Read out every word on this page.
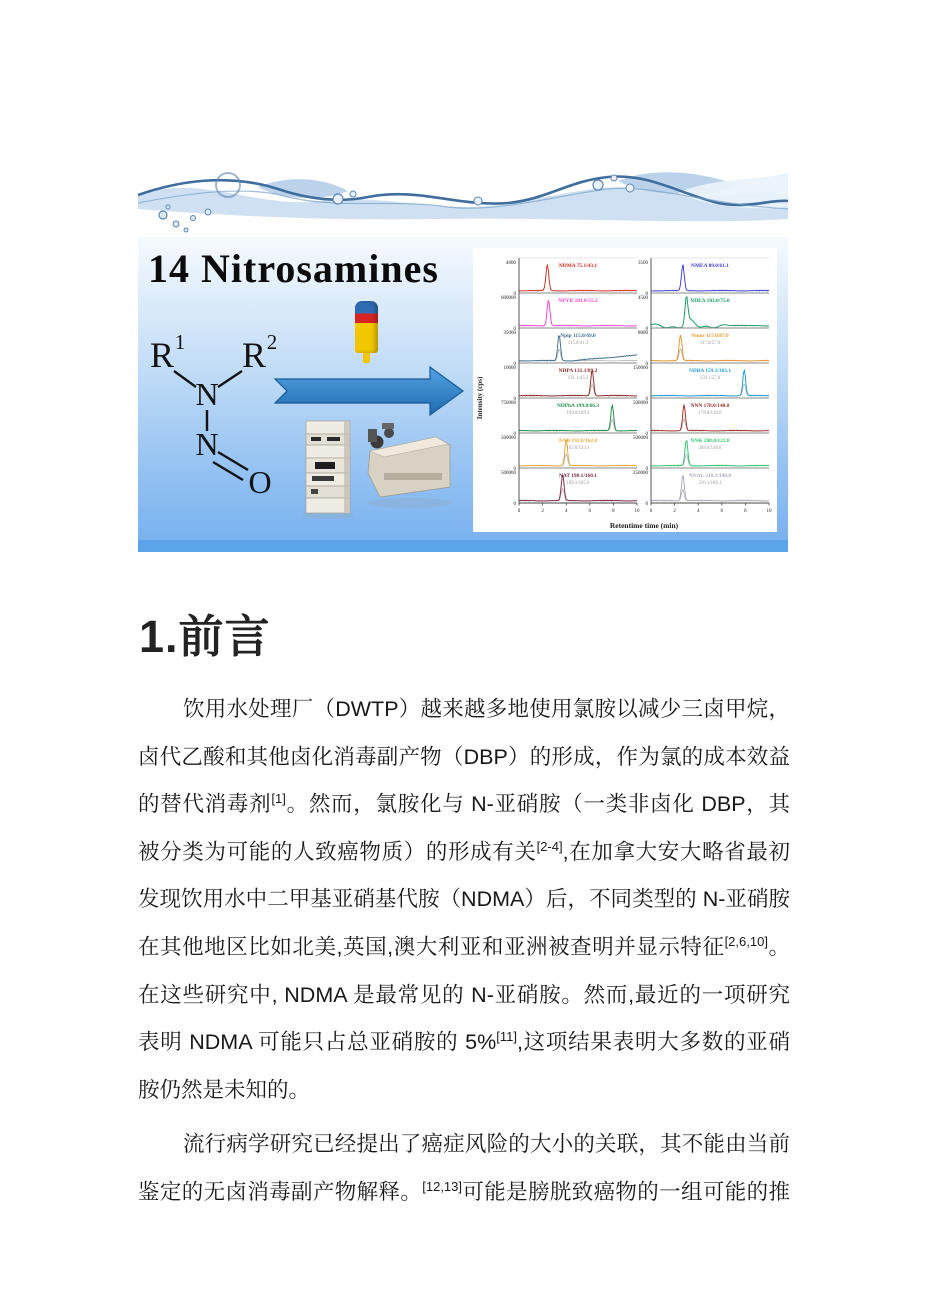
14 Nitrosamines
R 1 R 2
N
N
O
Intensity (cps)
Retentime time (min)
4000
0
NDMA 75.1/43.1
600000
0
NPYR 101.0/55.2
35000
0
Npip 115.0/69.0
115.0/41.3
10000
0
NDPA 131.1/89.2
131.1/43.2
750000
0
NDPhA 199.0/66.3
199.0/169.3
500000
0
NAB 192.0/162.0
192.0/133.1
500000
0
NAT 190.1/160.1
190.1/105.0
0	2	4	6	8	10
3500
0
NMEA 89.0/61.1
4500
0
NDEA 103.0/75.0
8000
0
Nmor 117.0/87.0
117.0/57.0
150000
0
NDBA 159.1/103.1
159.1/57.0
500000
0
NNN 178.0/148.0
178.0/120.0
500000
0
NNK 208.0/122.0
208.0/148.0
250000
0
NNAL 210.1/149.0
210.1/180.1
0	2	4	6	8	10
1.前言
饮用水处理厂（DWTP）越来越多地使用氯胺以减少三卤甲烷，
卤代乙酸和其他卤化消毒副产物（DBP）的形成，作为氯的成本效益
的替代消毒剂[1]。然而，氯胺化与 N-亚硝胺（一类非卤化 DBP，其
被分类为可能的人致癌物质）的形成有关[2-4],在加拿大安大略省最初
发现饮用水中二甲基亚硝基代胺（NDMA）后，不同类型的 N-亚硝胺
在其他地区比如北美,英国,澳大利亚和亚洲被查明并显示特征[2,6,10]。
在这些研究中, NDMA 是最常见的 N-亚硝胺。然而,最近的一项研究
表明 NDMA 可能只占总亚硝胺的 5%[11],这项结果表明大多数的亚硝
胺仍然是未知的。
流行病学研究已经提出了癌症风险的大小的关联，其不能由当前
鉴定的无卤消毒副产物解释。[12,13]可能是膀胱致癌物的一组可能的推
